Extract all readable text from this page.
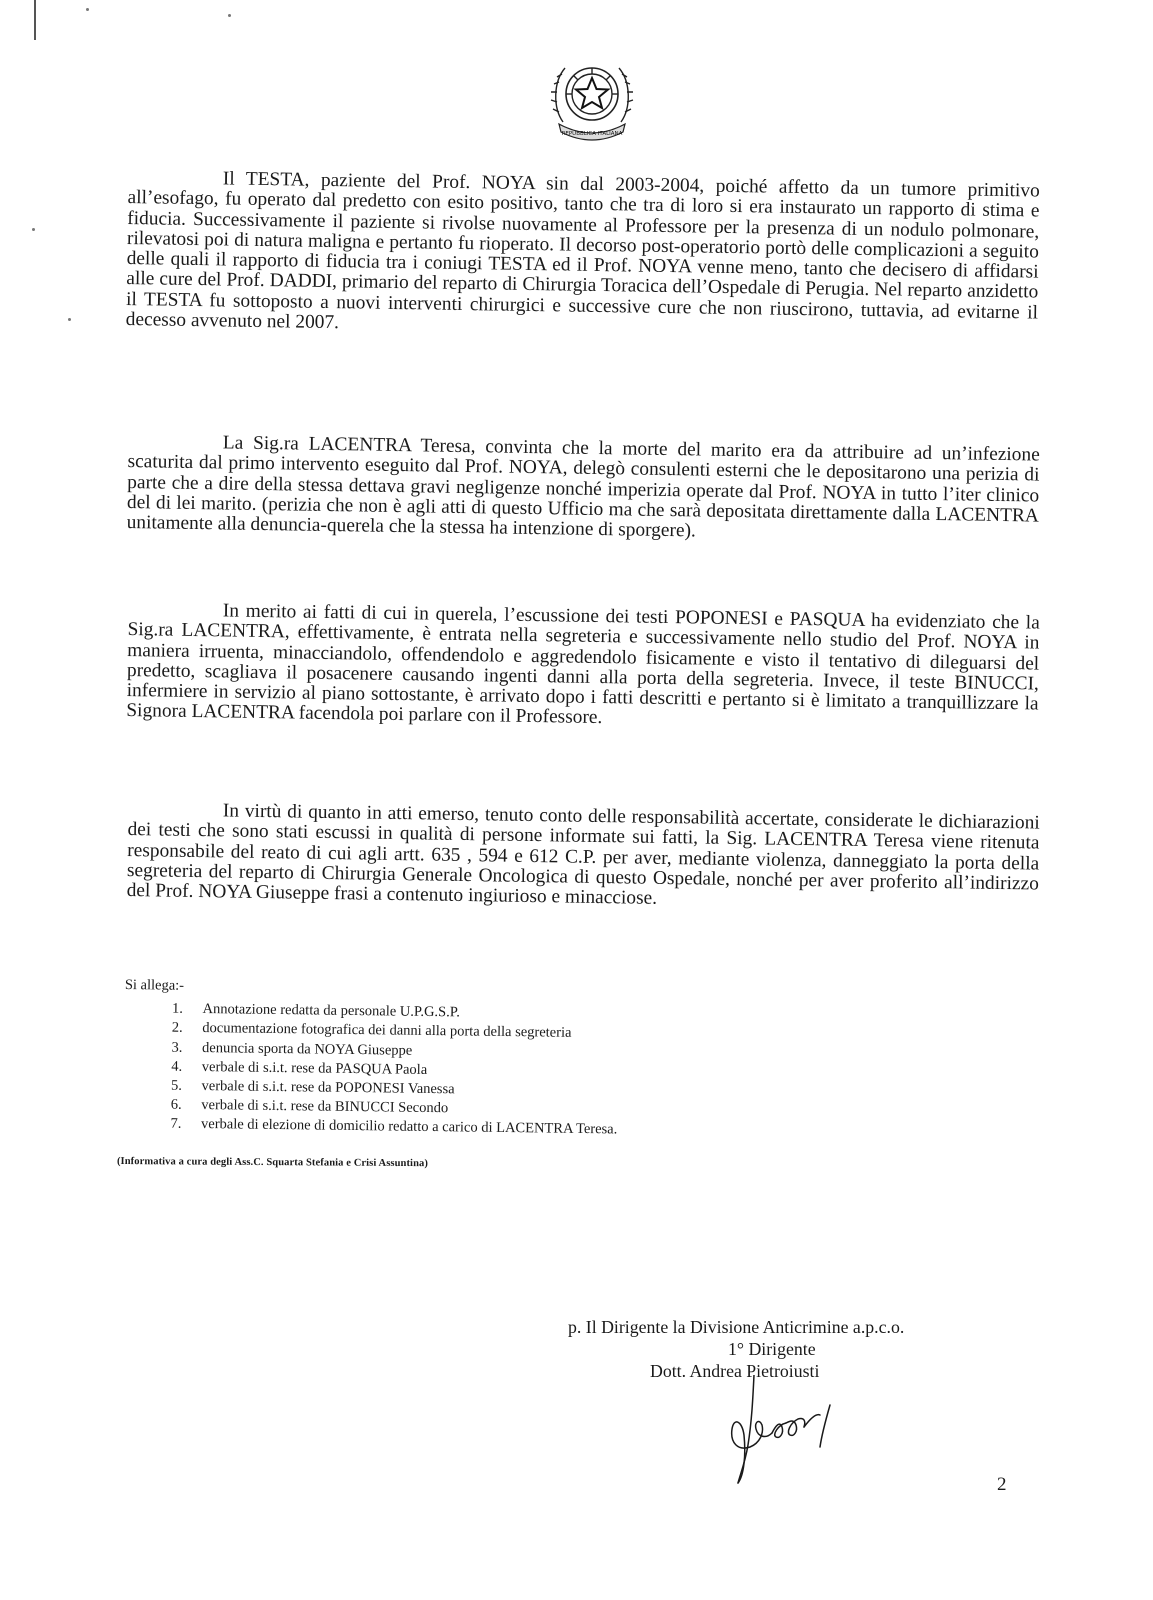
REPUBBLICA ITALIANA

Il TESTA, paziente del Prof. NOYA sin dal 2003-2004, poiché affetto da un tumore primitivo all’esofago, fu operato dal predetto con esito positivo, tanto che tra di loro si era instaurato un rapporto di stima e fiducia. Successivamente il paziente si rivolse nuovamente al Professore per la presenza di un nodulo polmonare, rilevatosi poi di natura maligna e pertanto fu rioperato. Il decorso post-operatorio portò delle complicazioni a seguito delle quali il rapporto di fiducia tra i coniugi TESTA ed il Prof. NOYA venne meno, tanto che decisero di affidarsi alle cure del Prof. DADDI, primario del reparto di Chirurgia Toracica dell’Ospedale di Perugia. Nel reparto anzidetto il TESTA fu sottoposto a nuovi interventi chirurgici e successive cure che non riuscirono, tuttavia, ad evitarne il decesso avvenuto nel 2007.

La Sig.ra LACENTRA Teresa, convinta che la morte del marito era da attribuire ad un’infezione scaturita dal primo intervento eseguito dal Prof. NOYA, delegò consulenti esterni che le depositarono una perizia di parte che a dire della stessa dettava gravi negligenze nonché imperizia operate dal Prof. NOYA in tutto l’iter clinico del di lei marito. (perizia che non è agli atti di questo Ufficio ma che sarà depositata direttamente dalla LACENTRA unitamente alla denuncia-querela che la stessa ha intenzione di sporgere).

In merito ai fatti di cui in querela, l’escussione dei testi POPONESI e PASQUA ha evidenziato che la Sig.ra LACENTRA, effettivamente, è entrata nella segreteria e successivamente nello studio del Prof. NOYA in maniera irruenta, minacciandolo, offendendolo e aggredendolo fisicamente e visto il tentativo di dileguarsi del predetto, scagliava il posacenere causando ingenti danni alla porta della segreteria. Invece, il teste BINUCCI, infermiere in servizio al piano sottostante, è arrivato dopo i fatti descritti e pertanto si è limitato a tranquillizzare la Signora LACENTRA facendola poi parlare con il Professore.

In virtù di quanto in atti emerso, tenuto conto delle responsabilità accertate, considerate le dichiarazioni dei testi che sono stati escussi in qualità di persone informate sui fatti, la Sig. LACENTRA Teresa viene ritenuta responsabile del reato di cui agli artt. 635 , 594 e 612 C.P. per aver, mediante violenza, danneggiato la porta della segreteria del reparto di Chirurgia Generale Oncologica di questo Ospedale, nonché per aver proferito all’indirizzo del Prof. NOYA Giuseppe frasi a contenuto ingiurioso e minacciose.

Si allega:-

1. Annotazione redatta da personale U.P.G.S.P.
2. documentazione fotografica dei danni alla porta della segreteria
3. denuncia sporta da NOYA Giuseppe
4. verbale di s.i.t. rese da PASQUA Paola
5. verbale di s.i.t. rese da POPONESI Vanessa
6. verbale di s.i.t. rese da BINUCCI Secondo
7. verbale di elezione di domicilio redatto a carico di LACENTRA Teresa.
(Informativa a cura degli Ass.C. Squarta Stefania e Crisi Assuntina)
p. Il Dirigente la Divisione Anticrimine a.p.c.o.
1° Dirigente
Dott. Andrea Pietroiusti
2
